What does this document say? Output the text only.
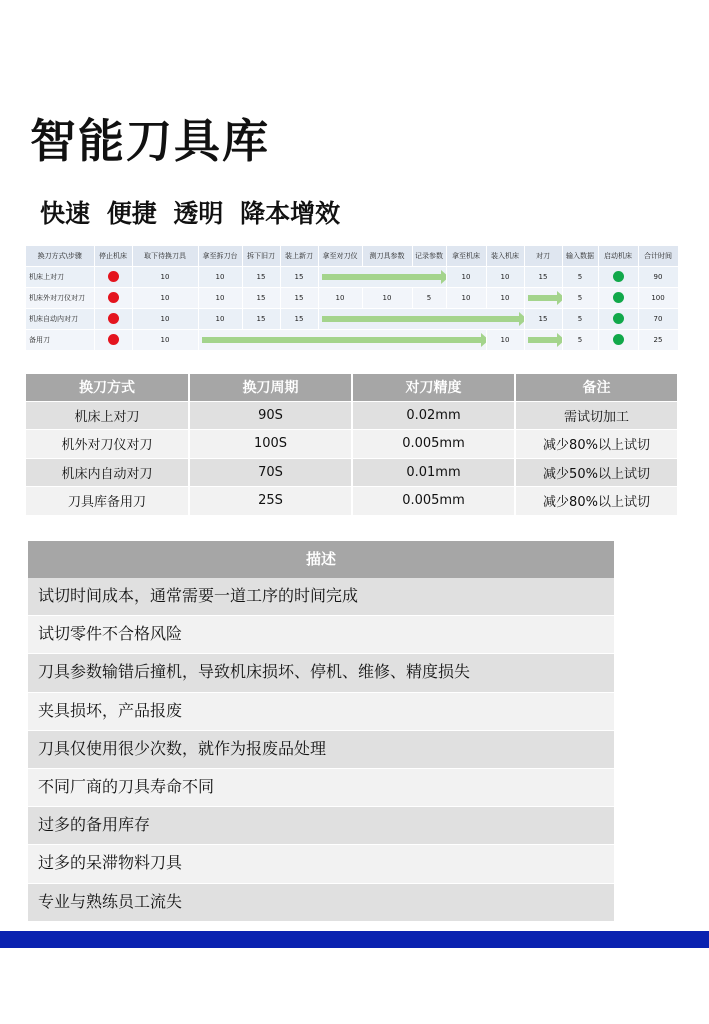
智能刀具库
快速 便捷 透明 降本增效
换刀方式\步骤	停止机床	取下待换刀具	拿至拆刀台	拆下旧刀	装上新刀	拿至对刀仪	测刀具参数	记录参数	拿至机床	装入机床	对刀	输入数据	启动机床	合计时间
机床上对刀		10	10	15	15				10	10	15	5		90
机床外对刀仪对刀		10	10	15	15	10	10	5	10	10		5		100
机床自动内对刀		10	10	15	15						15	5		70
备用刀		10								10		5		25
换刀方式	换刀周期	对刀精度	备注
机床上对刀	90S	0.02mm	需试切加工
机外对刀仪对刀	100S	0.005mm	减少80%以上试切
机床内自动对刀	70S	0.01mm	减少50%以上试切
刀具库备用刀	25S	0.005mm	减少80%以上试切
描述
试切时间成本，通常需要一道工序的时间完成
试切零件不合格风险
刀具参数输错后撞机，导致机床损坏、停机、维修、精度损失
夹具损坏，产品报废
刀具仅使用很少次数，就作为报废品处理
不同厂商的刀具寿命不同
过多的备用库存
过多的呆滞物料刀具
专业与熟练员工流失
